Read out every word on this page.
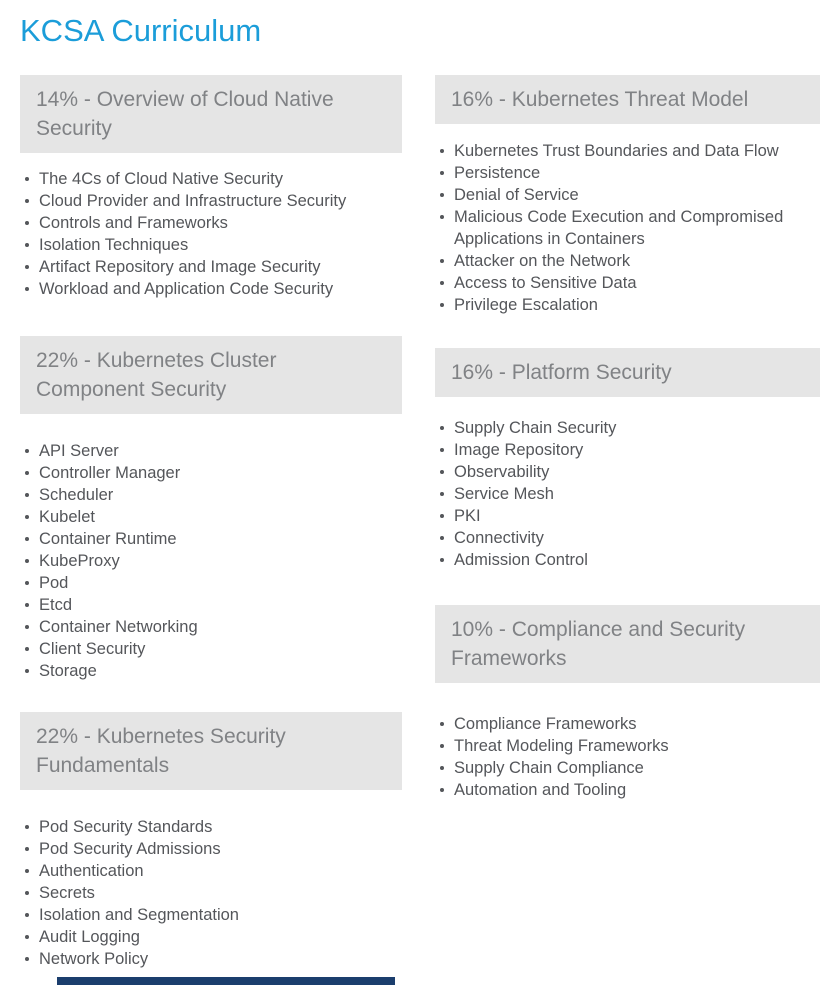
KCSA Curriculum
14% - Overview of Cloud Native Security
The 4Cs of Cloud Native Security
Cloud Provider and Infrastructure Security
Controls and Frameworks
Isolation Techniques
Artifact Repository and Image Security
Workload and Application Code Security
22% - Kubernetes Cluster Component Security
API Server
Controller Manager
Scheduler
Kubelet
Container Runtime
KubeProxy
Pod
Etcd
Container Networking
Client Security
Storage
22% - Kubernetes Security Fundamentals
Pod Security Standards
Pod Security Admissions
Authentication
Secrets
Isolation and Segmentation
Audit Logging
Network Policy
16% - Kubernetes Threat Model
Kubernetes Trust Boundaries and Data Flow
Persistence
Denial of Service
Malicious Code Execution and Compromised Applications in Containers
Attacker on the Network
Access to Sensitive Data
Privilege Escalation
16% - Platform Security
Supply Chain Security
Image Repository
Observability
Service Mesh
PKI
Connectivity
Admission Control
10% - Compliance and Security Frameworks
Compliance Frameworks
Threat Modeling Frameworks
Supply Chain Compliance
Automation and Tooling
